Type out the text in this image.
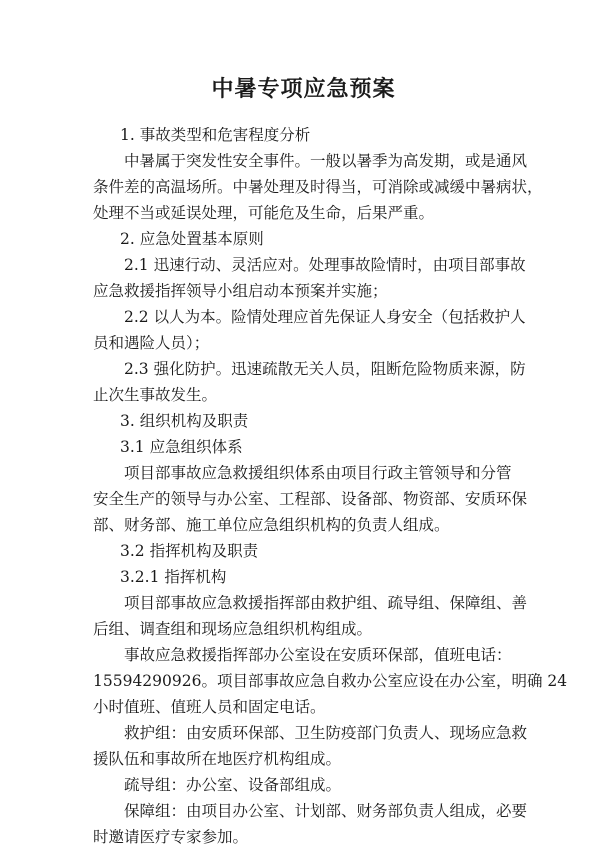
中暑专项应急预案

1. 事故类型和危害程度分析

中暑属于突发性安全事件。一般以暑季为高发期，或是通风

条件差的高温场所。中暑处理及时得当，可消除或减缓中暑病状，

处理不当或延误处理，可能危及生命，后果严重。

2. 应急处置基本原则

2.1 迅速行动、灵活应对。处理事故险情时，由项目部事故

应急救援指挥领导小组启动本预案并实施；

2.2 以人为本。险情处理应首先保证人身安全（包括救护人

员和遇险人员）；

2.3 强化防护。迅速疏散无关人员，阻断危险物质来源，防

止次生事故发生。

3. 组织机构及职责

3.1 应急组织体系

项目部事故应急救援组织体系由项目行政主管领导和分管

安全生产的领导与办公室、工程部、设备部、物资部、安质环保

部、财务部、施工单位应急组织机构的负责人组成。

3.2 指挥机构及职责

3.2.1 指挥机构

项目部事故应急救援指挥部由救护组、疏导组、保障组、善

后组、调查组和现场应急组织机构组成。

事故应急救援指挥部办公室设在安质环保部，值班电话：

15594290926。项目部事故应急自救办公室应设在办公室，明确 24

小时值班、值班人员和固定电话。

救护组：由安质环保部、卫生防疫部门负责人、现场应急救

援队伍和事故所在地医疗机构组成。

疏导组：办公室、设备部组成。

保障组：由项目办公室、计划部、财务部负责人组成，必要

时邀请医疗专家参加。
